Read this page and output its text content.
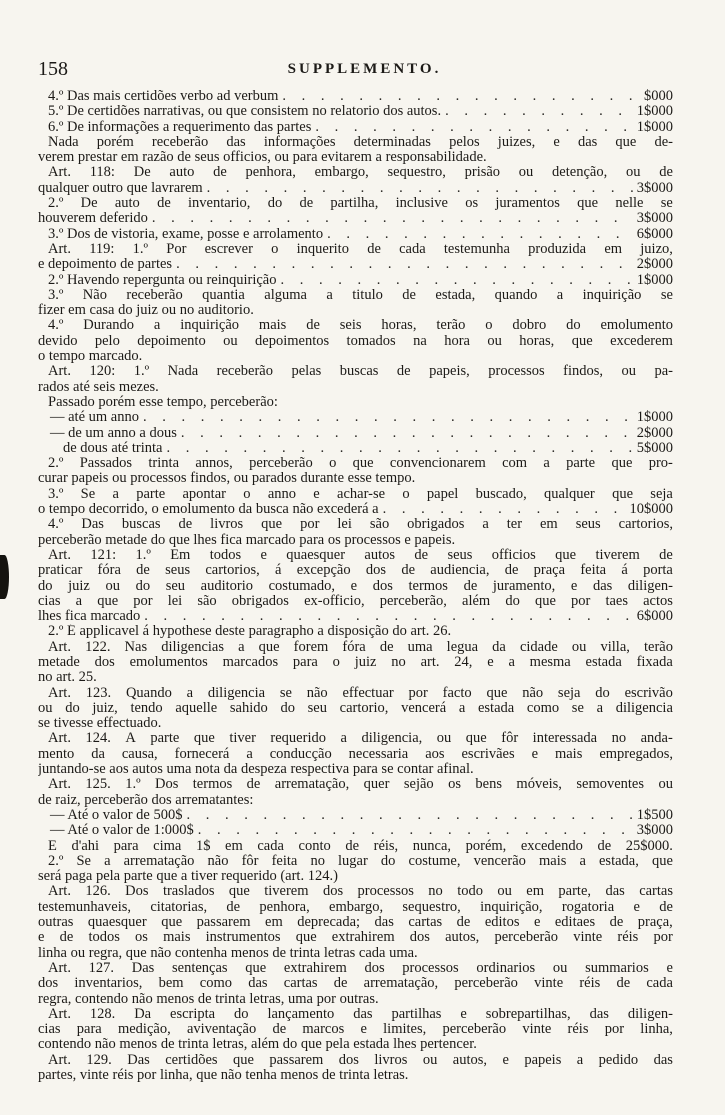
158	SUPPLEMENTO.
4.º Das mais certidões verbo ad verbum . . .	$000
5.º De certidões narrativas, ou que consistem no relatorio dos autos. . . .	1$000
6.º De informações a requerimento das partes . . .	1$000
Nada porém receberão das informações determinadas pelos juizes, e das que de-
verem prestar em razão de seus officios, ou para evitarem a responsabilidade.
Art. 118: De auto de penhora, embargo, sequestro, prisão ou detenção, ou de
qualquer outro que lavrarem . . .	3$000
2.º De auto de inventario, do de partilha, inclusive os juramentos que nelle se
houverem deferido . . .	3$000
3.º Dos de vistoria, exame, posse e arrolamento . . .	6$000
Art. 119: 1.º Por escrever o inquerito de cada testemunha produzida em juizo,
e depoimento de partes . . .	2$000
2.º Havendo repergunta ou reinquirição . . .	1$000
3.º Não receberão quantia alguma a titulo de estada, quando a inquirição se
fizer em casa do juiz ou no auditorio.
4.º Durando a inquirição mais de seis horas, terão o dobro do emolumento
devido pelo depoimento ou depoimentos tomados na hora ou horas, que excederem
o tempo marcado.
Art. 120: 1.º Nada receberão pelas buscas de papeis, processos findos, ou pa-
rados até seis mezes.
Passado porém esse tempo, perceberão:
— até um anno . . .	1$000
— de um anno a dous . . .	2$000
de dous até trinta . . .	5$000
2.º Passados trinta annos, perceberão o que convencionarem com a parte que pro-
curar papeis ou processos findos, ou parados durante esse tempo.
3.º Se a parte apontar o anno e achar-se o papel buscado, qualquer que seja
o tempo decorrido, o emolumento da busca não excederá a . . .	10$000
4.º Das buscas de livros que por lei são obrigados a ter em seus cartorios,
perceberão metade do que lhes fica marcado para os processos e papeis.
Art. 121: 1.º Em todos e quaesquer autos de seus officios que tiverem de
praticar fóra de seus cartorios, á excepção dos de audiencia, de praça feita á porta
do juiz ou do seu auditorio costumado, e dos termos de juramento, e das diligen-
cias a que por lei são obrigados ex-officio, perceberão, além do que por taes actos
lhes fica marcado . . .	6$000
2.º É applicavel á hypothese deste paragrapho a disposição do art. 26.
Art. 122. Nas diligencias a que forem fóra de uma legua da cidade ou villa, terão
metade dos emolumentos marcados para o juiz no art. 24, e a mesma estada fixada
no art. 25.
Art. 123. Quando a diligencia se não effectuar por facto que não seja do escrivão
ou do juiz, tendo aquelle sahido do seu cartorio, vencerá a estada como se a diligencia
se tivesse effectuado.
Art. 124. A parte que tiver requerido a diligencia, ou que fôr interessada no anda-
mento da causa, fornecerá a conducção necessaria aos escrivães e mais empregados,
juntando-se aos autos uma nota da despeza respectiva para se contar afinal.
Art. 125. 1.º Dos termos de arrematação, quer sejão os bens móveis, semoventes ou
de raiz, perceberão dos arrematantes:
— Até o valor de 500$ . . .	1$500
— Até o valor de 1:000$ . . .	3$000
E d'ahi para cima 1$ em cada conto de réis, nunca, porém, excedendo de 25$000.
2.º Se a arrematação não fôr feita no lugar do costume, vencerão mais a estada, que
será paga pela parte que a tiver requerido (art. 124.)
Art. 126. Dos traslados que tiverem dos processos no todo ou em parte, das cartas
testemunhaveis, citatorias, de penhora, embargo, sequestro, inquirição, rogatoria e de
outras quaesquer que passarem em deprecada; das cartas de editos e editaes de praça,
e de todos os mais instrumentos que extrahirem dos autos, perceberão vinte réis por
linha ou regra, que não contenha menos de trinta letras cada uma.
Art. 127. Das sentenças que extrahirem dos processos ordinarios ou summarios e
dos inventarios, bem como das cartas de arrematação, perceberão vinte réis de cada
regra, contendo não menos de trinta letras, uma por outras.
Art. 128. Da escripta do lançamento das partilhas e sobrepartilhas, das diligen-
cias para medição, aviventação de marcos e limites, perceberão vinte réis por linha,
contendo não menos de trinta letras, além do que pela estada lhes pertencer.
Art. 129. Das certidões que passarem dos livros ou autos, e papeis a pedido das
partes, vinte réis por linha, que não tenha menos de trinta letras.
